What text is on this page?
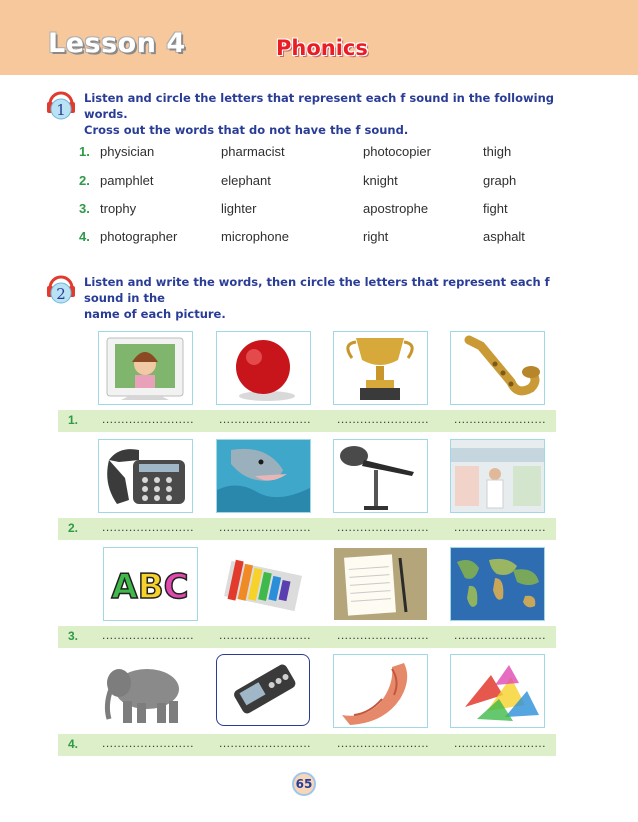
Lesson 4	Phonics
1
Listen and circle the letters that represent each f sound in the following words.
Cross out the words that do not have the f sound.
1. physician	pharmacist	photocopier	thigh
2. pamphlet	elephant	knight	graph
3. trophy	lighter	apostrophe	fight
4. photographer	microphone	right	asphalt
2
Listen and write the words, then circle the letters that represent each f sound in the
name of each picture.
1. ........................ ........................ ........................ ........................
2. ........................ ........................ ........................ ........................
ABC
3. ........................ ........................ ........................ ........................
4. ........................ ........................ ........................ ........................
65
